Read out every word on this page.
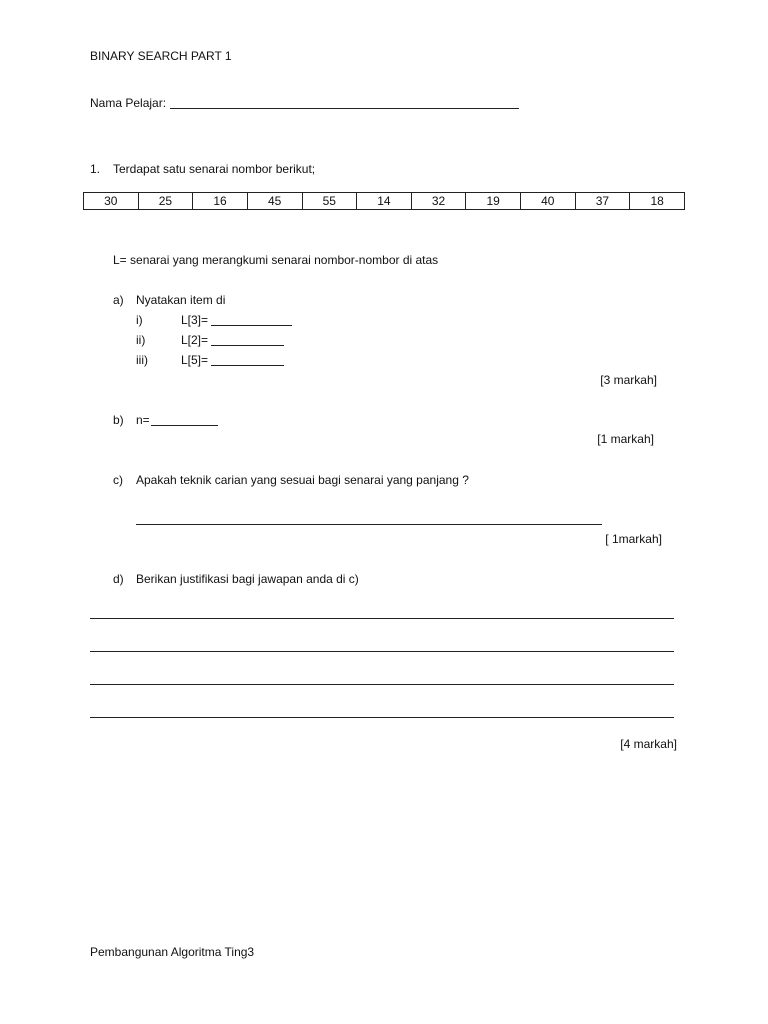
BINARY SEARCH PART 1
Nama Pelajar:
1. Terdapat satu senarai nombor berikut;
30	25	16	45	55	14	32	19	40	37	18
L= senarai yang merangkumi senarai nombor-nombor di atas
a) Nyatakan item di
i)	L[3]=
ii)	L[2]=
iii)	L[5]=
[3 markah]
b) n=
[1 markah]
c) Apakah teknik carian yang sesuai bagi senarai yang panjang ?
[ 1markah]
d) Berikan justifikasi bagi jawapan anda di c)
[4 markah]
Pembangunan Algoritma Ting3
